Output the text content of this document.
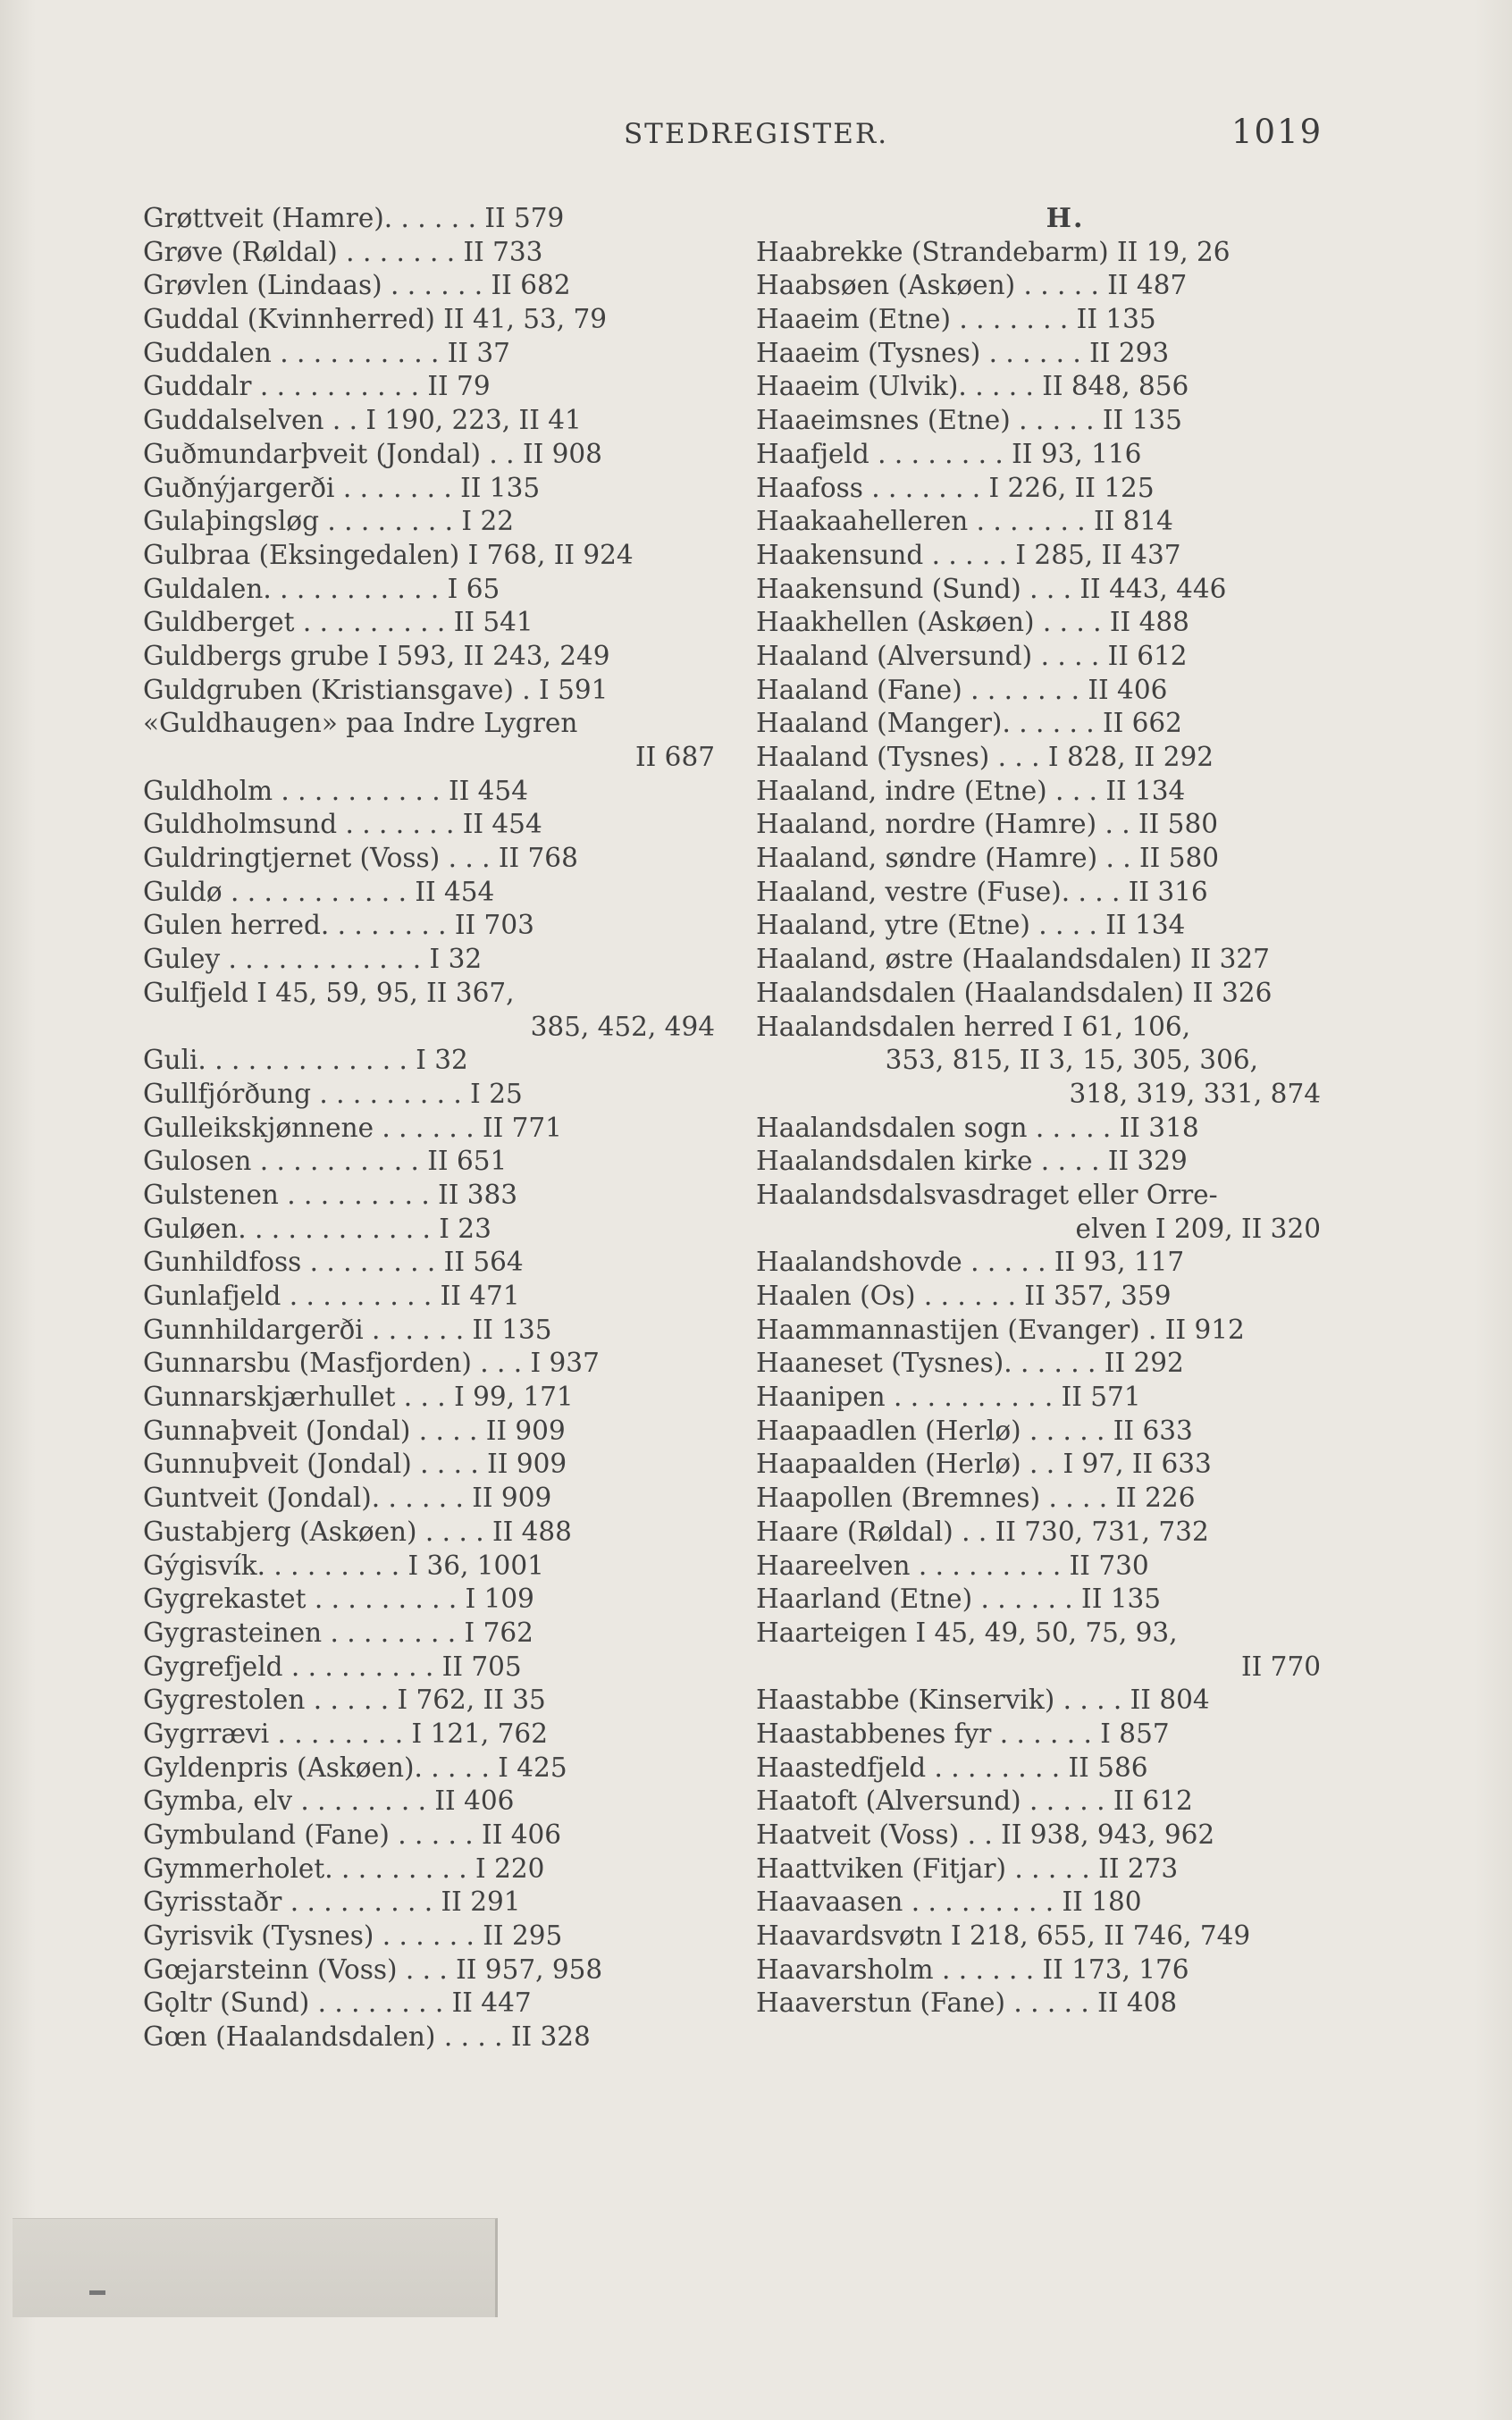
STEDREGISTER.	1019
Grøttveit (Hamre). . . . . . II 579
Grøve (Røldal) . . . . . . . II 733
Grøvlen (Lindaas) . . . . . . II 682
Guddal (Kvinnherred) II 41, 53, 79
Guddalen . . . . . . . . . . II 37
Guddalr . . . . . . . . . . II 79
Guddalselven . . I 190, 223, II 41
Guðmundarþveit (Jondal) . . II 908
Guðnýjargerði . . . . . . . II 135
Gulaþingsløg . . . . . . . . I 22
Gulbraa (Eksingedalen) I 768, II 924
Guldalen. . . . . . . . . . . I 65
Guldberget . . . . . . . . . II 541
Guldbergs grube I 593, II 243, 249
Guldgruben (Kristiansgave) . I 591
«Guldhaugen» paa Indre Lygren
II 687
Guldholm . . . . . . . . . . II 454
Guldholmsund . . . . . . . II 454
Guldringtjernet (Voss) . . . II 768
Guldø . . . . . . . . . . . II 454
Gulen herred. . . . . . . . II 703
Guley . . . . . . . . . . . . I 32
Gulfjeld I 45, 59, 95, II 367,
385, 452, 494
Guli. . . . . . . . . . . . . I 32
Gullfjórðung . . . . . . . . . I 25
Gulleikskjønnene . . . . . . II 771
Gulosen . . . . . . . . . . II 651
Gulstenen . . . . . . . . . II 383
Guløen. . . . . . . . . . . . I 23
Gunhildfoss . . . . . . . . II 564
Gunlafjeld . . . . . . . . . II 471
Gunnhildargerði . . . . . . II 135
Gunnarsbu (Masfjorden) . . . I 937
Gunnarskjærhullet . . . I 99, 171
Gunnaþveit (Jondal) . . . . II 909
Gunnuþveit (Jondal) . . . . II 909
Guntveit (Jondal). . . . . . II 909
Gustabjerg (Askøen) . . . . II 488
Gýgisvík. . . . . . . . . I 36, 1001
Gygrekastet . . . . . . . . . I 109
Gygrasteinen . . . . . . . . I 762
Gygrefjeld . . . . . . . . . II 705
Gygrestolen . . . . . I 762, II 35
Gygrrævi . . . . . . . . I 121, 762
Gyldenpris (Askøen). . . . . I 425
Gymba, elv . . . . . . . . II 406
Gymbuland (Fane) . . . . . II 406
Gymmerholet. . . . . . . . . I 220
Gyrisstaðr . . . . . . . . . II 291
Gyrisvik (Tysnes) . . . . . . II 295
Gœjarsteinn (Voss) . . . II 957, 958
Gǫltr (Sund) . . . . . . . . II 447
Gœn (Haalandsdalen) . . . . II 328
H.
Haabrekke (Strandebarm) II 19, 26
Haabsøen (Askøen) . . . . . II 487
Haaeim (Etne) . . . . . . . II 135
Haaeim (Tysnes) . . . . . . II 293
Haaeim (Ulvik). . . . . II 848, 856
Haaeimsnes (Etne) . . . . . II 135
Haafjeld . . . . . . . . II 93, 116
Haafoss . . . . . . . I 226, II 125
Haakaahelleren . . . . . . . II 814
Haakensund . . . . . I 285, II 437
Haakensund (Sund) . . . II 443, 446
Haakhellen (Askøen) . . . . II 488
Haaland (Alversund) . . . . II 612
Haaland (Fane) . . . . . . . II 406
Haaland (Manger). . . . . . II 662
Haaland (Tysnes) . . . I 828, II 292
Haaland, indre (Etne) . . . II 134
Haaland, nordre (Hamre) . . II 580
Haaland, søndre (Hamre) . . II 580
Haaland, vestre (Fuse). . . . II 316
Haaland, ytre (Etne) . . . . II 134
Haaland, østre (Haalandsdalen) II 327
Haalandsdalen (Haalandsdalen) II 326
Haalandsdalen herred I 61, 106,
353, 815, II 3, 15, 305, 306,
318, 319, 331, 874
Haalandsdalen sogn . . . . . II 318
Haalandsdalen kirke . . . . II 329
Haalandsdalsvasdraget eller Orre-
elven I 209, II 320
Haalandshovde . . . . . II 93, 117
Haalen (Os) . . . . . . II 357, 359
Haammannastijen (Evanger) . II 912
Haaneset (Tysnes). . . . . . II 292
Haanipen . . . . . . . . . . II 571
Haapaadlen (Herlø) . . . . . II 633
Haapaalden (Herlø) . . I 97, II 633
Haapollen (Bremnes) . . . . II 226
Haare (Røldal) . . II 730, 731, 732
Haareelven . . . . . . . . . II 730
Haarland (Etne) . . . . . . II 135
Haarteigen I 45, 49, 50, 75, 93,
II 770
Haastabbe (Kinservik) . . . . II 804
Haastabbenes fyr . . . . . . I 857
Haastedfjeld . . . . . . . . II 586
Haatoft (Alversund) . . . . . II 612
Haatveit (Voss) . . II 938, 943, 962
Haattviken (Fitjar) . . . . . II 273
Haavaasen . . . . . . . . . II 180
Haavardsvøtn I 218, 655, II 746, 749
Haavarsholm . . . . . . II 173, 176
Haaverstun (Fane) . . . . . II 408
